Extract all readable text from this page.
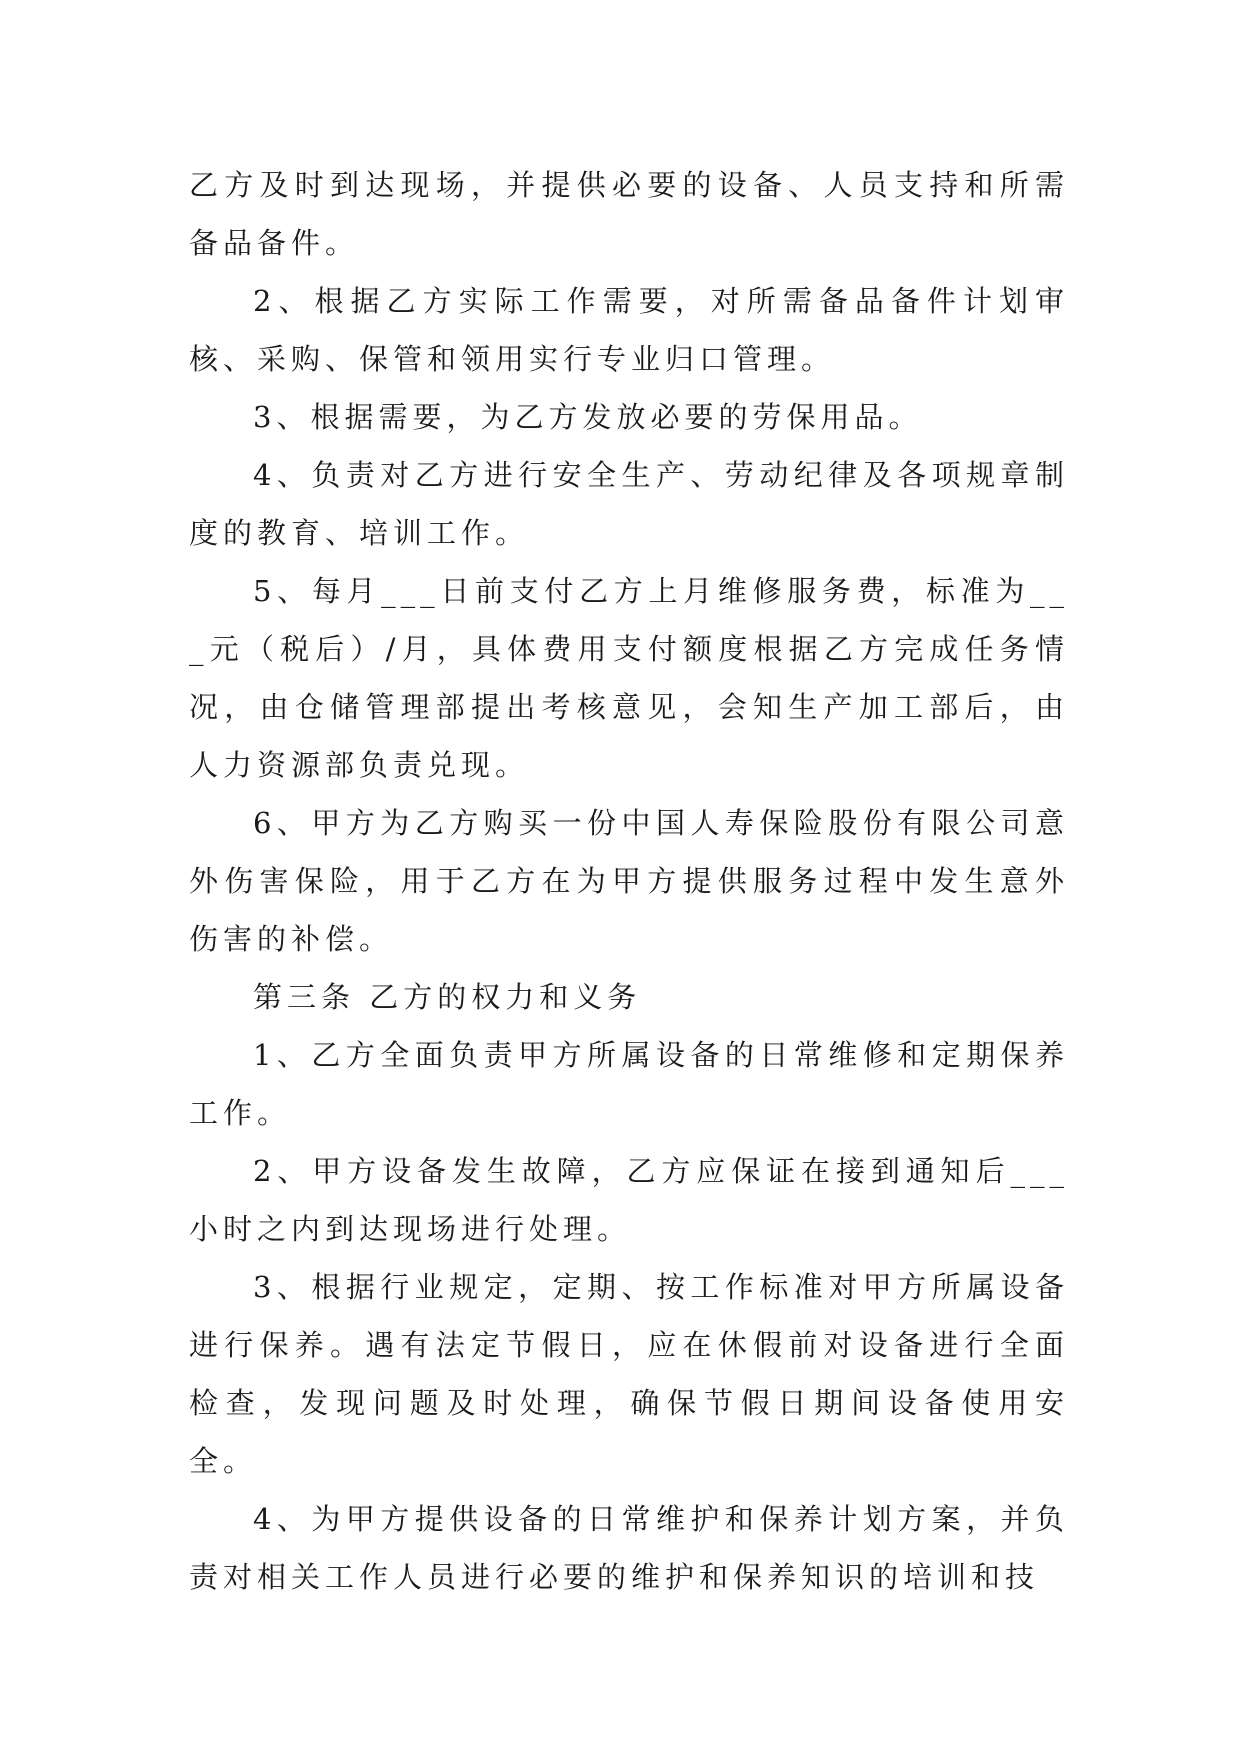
乙方及时到达现场，并提供必要的设备、人员支持和所需备品备件。

2、根据乙方实际工作需要，对所需备品备件计划审核、采购、保管和领用实行专业归口管理。

3、根据需要，为乙方发放必要的劳保用品。

4、负责对乙方进行安全生产、劳动纪律及各项规章制度的教育、培训工作。

5、每月___日前支付乙方上月维修服务费，标准为___元（税后）/月，具体费用支付额度根据乙方完成任务情况，由仓储管理部提出考核意见，会知生产加工部后，由人力资源部负责兑现。

6、甲方为乙方购买一份中国人寿保险股份有限公司意外伤害保险，用于乙方在为甲方提供服务过程中发生意外伤害的补偿。

第三条 乙方的权力和义务

1、乙方全面负责甲方所属设备的日常维修和定期保养工作。

2、甲方设备发生故障，乙方应保证在接到通知后___小时之内到达现场进行处理。

3、根据行业规定，定期、按工作标准对甲方所属设备进行保养。遇有法定节假日，应在休假前对设备进行全面检查，发现问题及时处理，确保节假日期间设备使用安全。

4、为甲方提供设备的日常维护和保养计划方案，并负责对相关工作人员进行必要的维护和保养知识的培训和技
